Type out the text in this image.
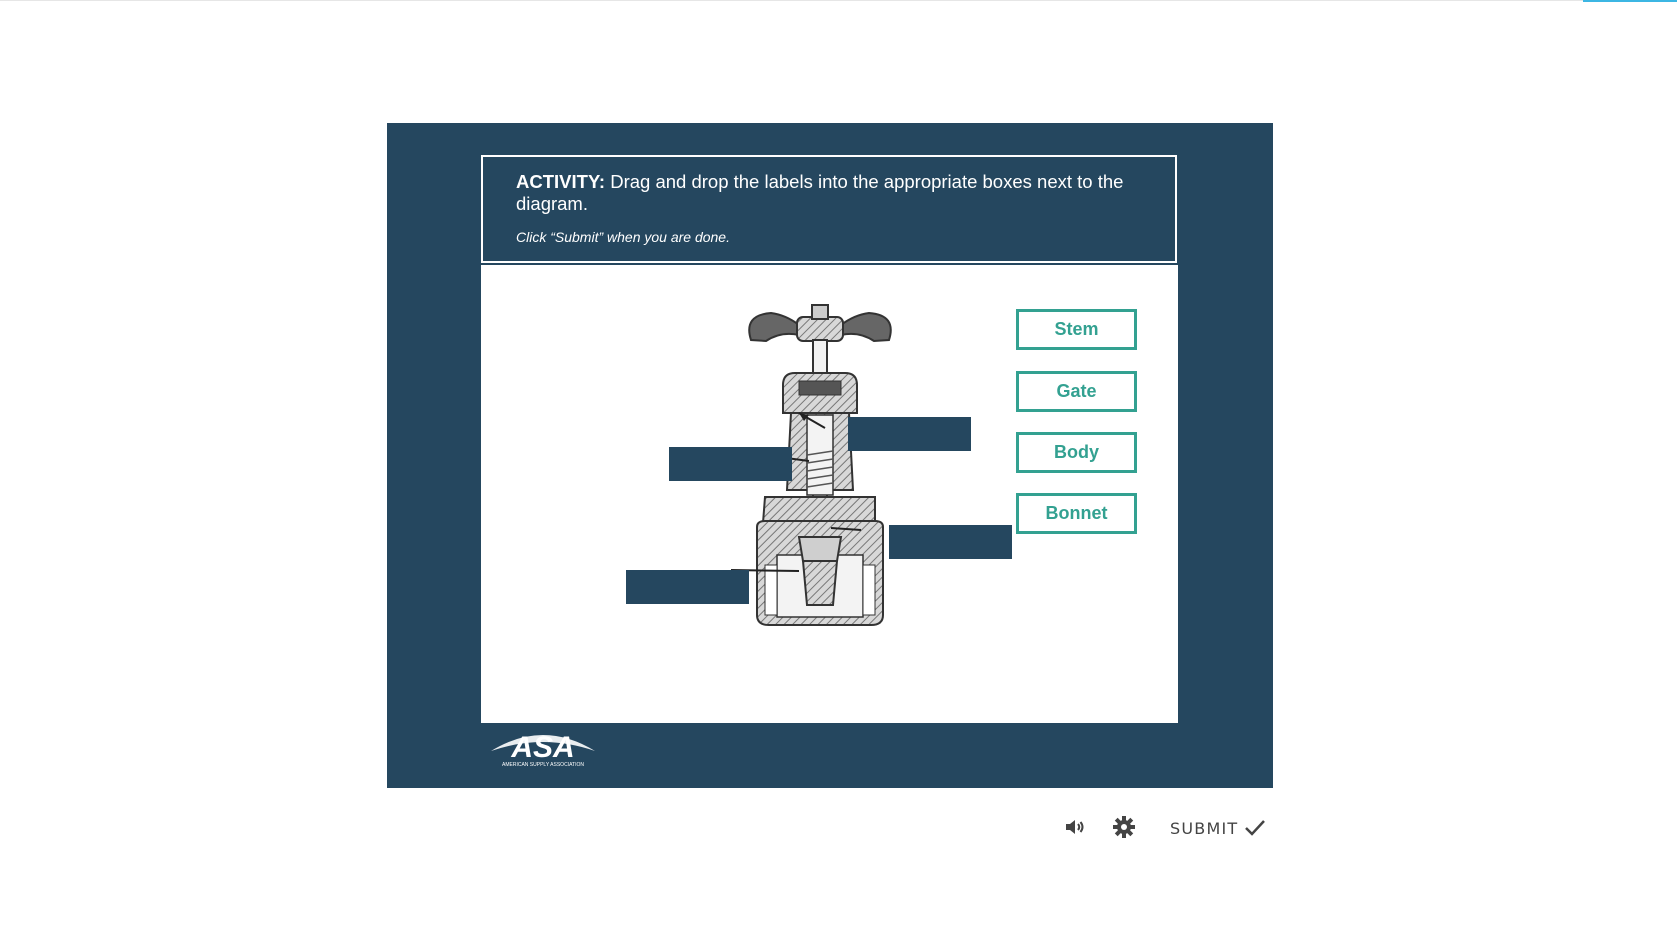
ACTIVITY: Drag and drop the labels into the appropriate boxes next to the diagram.
Click “Submit” when you are done.
Stem
Gate
Body
Bonnet
ASA
AMERICAN SUPPLY ASSOCIATION
SUBMIT
